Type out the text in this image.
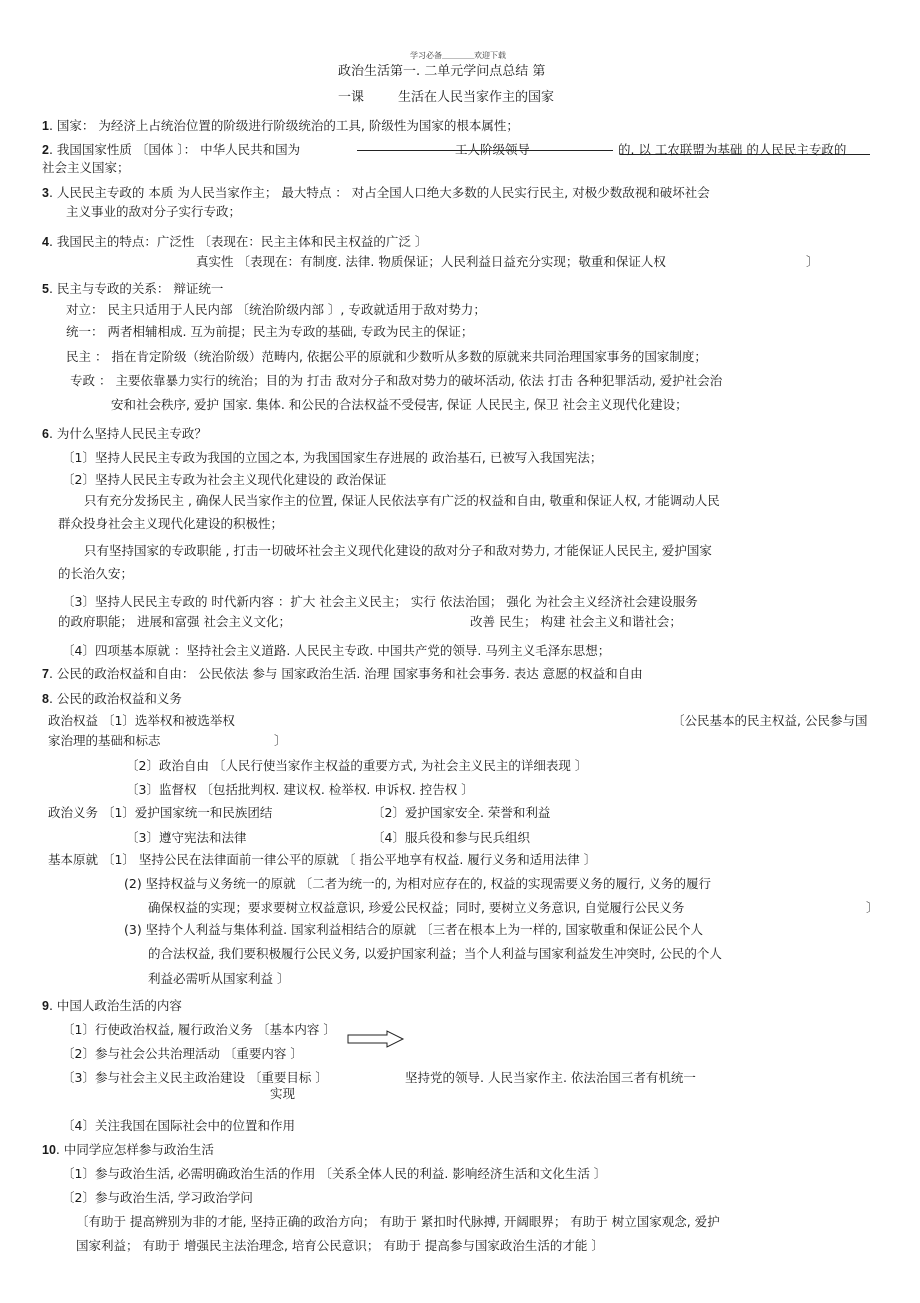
学习必备＿＿＿＿欢迎下载
政治生活第一. 二单元学问点总结 第
一课	生活在人民当家作主的国家
1. 国家： 为经济上占统治位置的阶级进行阶级统治的工具, 阶级性为国家的根本属性；
2. 我国国家性质 〔国体 〕： 中华人民共和国为	工人阶级领导	的. 以 工农联盟为基础 的人民民主专政的
社会主义国家；
3. 人民民主专政的 本质 为人民当家作主； 最大特点 ： 对占全国人口绝大多数的人民实行民主, 对极少数敌视和破坏社会
主义事业的敌对分子实行专政；
4. 我国民主的特点：广泛性 〔表现在：民主主体和民主权益的广泛 〕
真实性 〔表现在：有制度. 法律. 物质保证；人民利益日益充分实现；敬重和保证人权	〕
5. 民主与专政的关系： 辩证统一
对立： 民主只适用于人民内部 〔统治阶级内部 〕, 专政就适用于敌对势力；
统一： 两者相辅相成. 互为前提；民主为专政的基础, 专政为民主的保证；
民主 ： 指在肯定阶级（统治阶级）范畴内, 依据公平的原就和少数听从多数的原就来共同治理国家事务的国家制度；
专政 ： 主要依靠暴力实行的统治；目的为 打击 敌对分子和敌对势力的破坏活动, 依法 打击 各种犯罪活动, 爱护社会治
安和社会秩序, 爱护 国家. 集体. 和公民的合法权益不受侵害, 保证 人民民主, 保卫 社会主义现代化建设；
6. 为什么坚持人民民主专政？
〔1〕坚持人民民主专政为我国的立国之本, 为我国国家生存进展的 政治基石, 已被写入我国宪法；
〔2〕坚持人民民主专政为社会主义现代化建设的 政治保证
只有充分发扬民主 , 确保人民当家作主的位置, 保证人民依法享有广泛的权益和自由, 敬重和保证人权, 才能调动人民
群众投身社会主义现代化建设的积极性；
只有坚持国家的专政职能 , 打击一切破坏社会主义现代化建设的敌对分子和敌对势力, 才能保证人民民主, 爱护国家
的长治久安；
〔3〕坚持人民民主专政的 时代新内容 ：扩大 社会主义民主； 实行 依法治国； 强化 为社会主义经济社会建设服务
的政府职能； 进展和富强 社会主义文化；	改善 民生； 构建 社会主义和谐社会；
〔4〕四项基本原就 ：坚持社会主义道路. 人民民主专政. 中国共产党的领导. 马列主义毛泽东思想；
7. 公民的政治权益和自由： 公民依法 参与 国家政治生活. 治理 国家事务和社会事务. 表达 意愿的权益和自由
8. 公民的政治权益和义务
政治权益 〔1〕选举权和被选举权	〔公民基本的民主权益, 公民参与国
家治理的基础和标志	〕
〔2〕政治自由 〔人民行使当家作主权益的重要方式, 为社会主义民主的详细表现 〕
〔3〕监督权 〔包括批判权. 建议权. 检举权. 申诉权. 控告权 〕
政治义务 〔1〕爱护国家统一和民族团结	〔2〕爱护国家安全. 荣誉和利益
〔3〕遵守宪法和法律	〔4〕服兵役和参与民兵组织
基本原就 〔1〕 坚持公民在法律面前一律公平的原就 〔 指公平地享有权益. 履行义务和适用法律 〕
(2) 坚持权益与义务统一的原就 〔二者为统一的, 为相对应存在的, 权益的实现需要义务的履行, 义务的履行
确保权益的实现；要求要树立权益意识, 珍爱公民权益；同时, 要树立义务意识, 自觉履行公民义务	〕
(3) 坚持个人利益与集体利益. 国家利益相结合的原就 〔三者在根本上为一样的, 国家敬重和保证公民个人
的合法权益, 我们要积极履行公民义务, 以爱护国家利益；当个人利益与国家利益发生冲突时, 公民的个人
利益必需听从国家利益 〕
9. 中国人政治生活的内容
〔1〕行使政治权益, 履行政治义务 〔基本内容 〕
〔2〕参与社会公共治理活动 〔重要内容 〕
〔3〕参与社会主义民主政治建设 〔重要目标 〕
实现
坚持党的领导. 人民当家作主. 依法治国三者有机统一
〔4〕关注我国在国际社会中的位置和作用
10. 中同学应怎样参与政治生活
〔1〕参与政治生活, 必需明确政治生活的作用 〔关系全体人民的利益. 影响经济生活和文化生活 〕
〔2〕参与政治生活, 学习政治学问
〔有助于 提高辨别为非的才能, 坚持正确的政治方向； 有助于 紧扣时代脉搏, 开阔眼界； 有助于 树立国家观念, 爱护
国家利益； 有助于 增强民主法治理念, 培育公民意识； 有助于 提高参与国家政治生活的才能 〕
